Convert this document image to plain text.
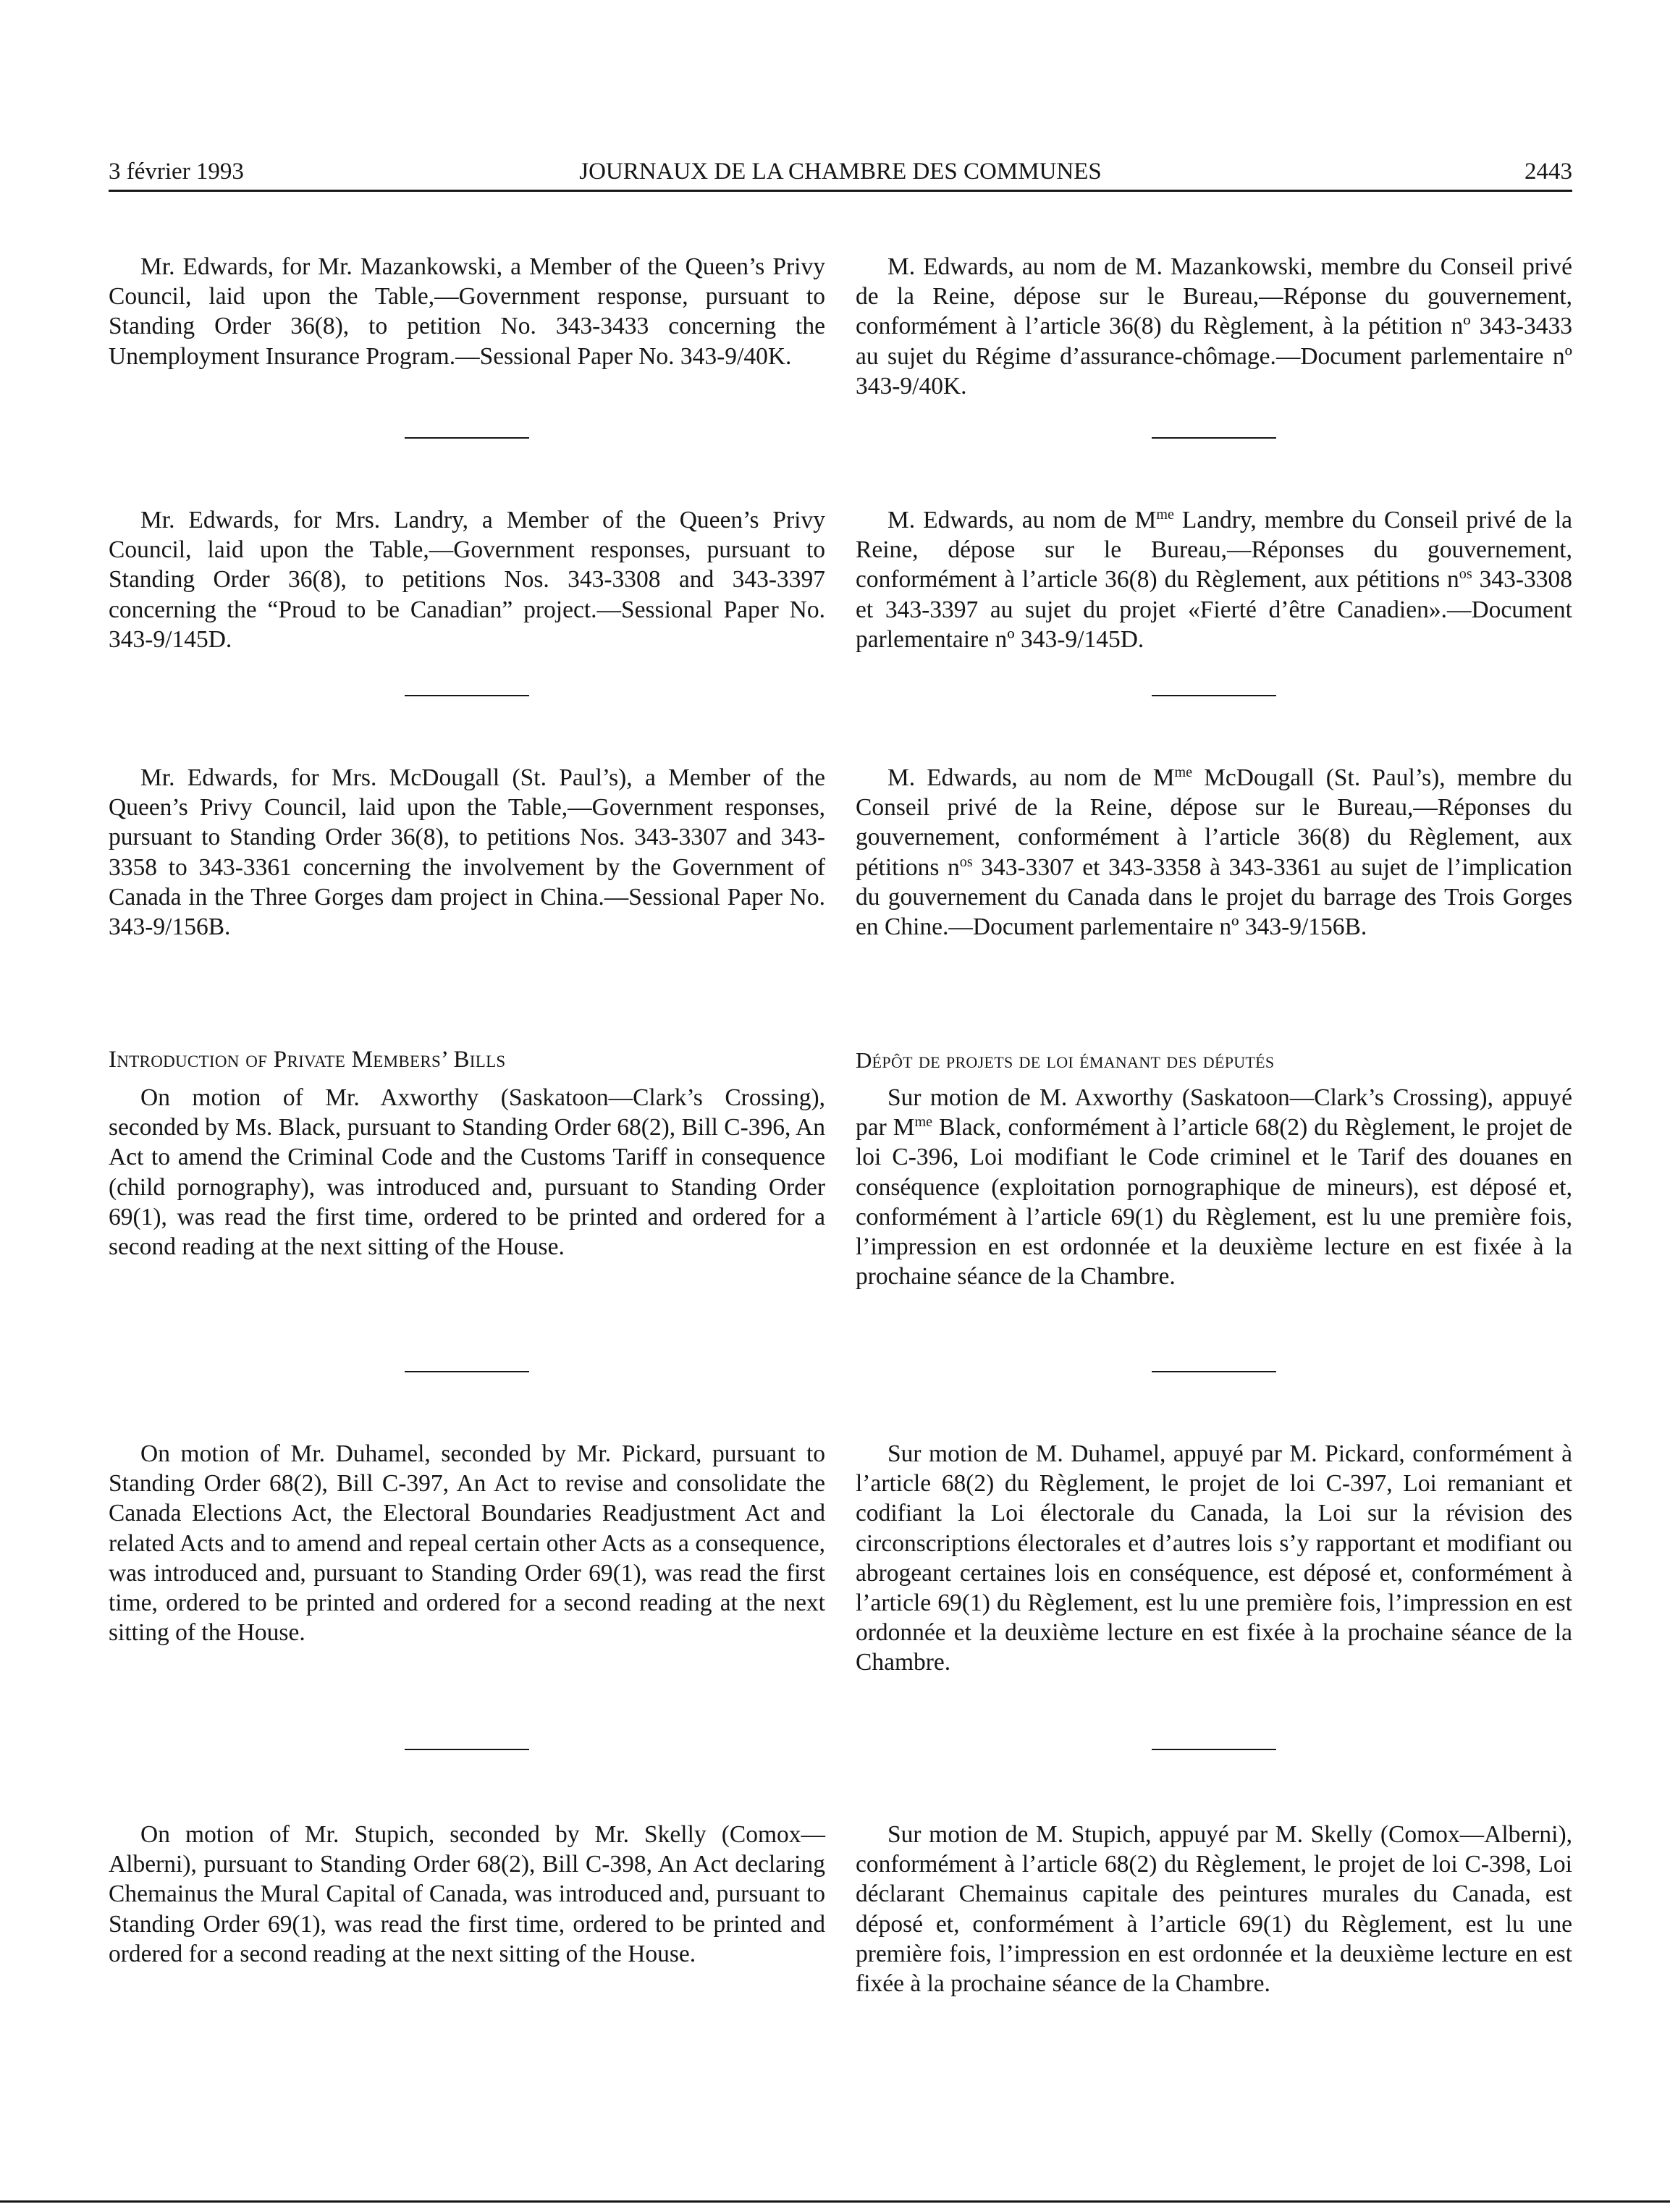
3 février 1993	JOURNAUX DE LA CHAMBRE DES COMMUNES	2443

Mr. Edwards, for Mr. Mazankowski, a Member of the Queen’s Privy Council, laid upon the Table,—Government response, pursuant to Standing Order 36(8), to petition No. 343-3433 concerning the Unemployment Insurance Program.—Sessional Paper No. 343-9/40K.

Mr. Edwards, for Mrs. Landry, a Member of the Queen’s Privy Council, laid upon the Table,—Government responses, pursuant to Standing Order 36(8), to petitions Nos. 343-3308 and 343-3397 concerning the “Proud to be Canadian” project.—Sessional Paper No. 343-9/145D.

Mr. Edwards, for Mrs. McDougall (St. Paul’s), a Member of the Queen’s Privy Council, laid upon the Table,—Government responses, pursuant to Standing Order 36(8), to petitions Nos. 343-3307 and 343-3358 to 343-3361 concerning the involvement by the Government of Canada in the Three Gorges dam project in China.—Sessional Paper No. 343-9/156B.

Introduction of Private Members’ Bills

On motion of Mr. Axworthy (Saskatoon—Clark’s Crossing), seconded by Ms. Black, pursuant to Standing Order 68(2), Bill C-396, An Act to amend the Criminal Code and the Customs Tariff in consequence (child pornography), was introduced and, pursuant to Standing Order 69(1), was read the first time, ordered to be printed and ordered for a second reading at the next sitting of the House.

On motion of Mr. Duhamel, seconded by Mr. Pickard, pursuant to Standing Order 68(2), Bill C-397, An Act to revise and consolidate the Canada Elections Act, the Electoral Boundaries Readjustment Act and related Acts and to amend and repeal certain other Acts as a consequence, was introduced and, pursuant to Standing Order 69(1), was read the first time, ordered to be printed and ordered for a second reading at the next sitting of the House.

On motion of Mr. Stupich, seconded by Mr. Skelly (Comox—Alberni), pursuant to Standing Order 68(2), Bill C-398, An Act declaring Chemainus the Mural Capital of Canada, was introduced and, pursuant to Standing Order 69(1), was read the first time, ordered to be printed and ordered for a second reading at the next sitting of the House.

M. Edwards, au nom de M. Mazankowski, membre du Conseil privé de la Reine, dépose sur le Bureau,—Réponse du gouvernement, conformément à l’article 36(8) du Règlement, à la pétition nº 343-3433 au sujet du Régime d’assurance-chômage.—Document parlementaire nº 343-9/40K.

M. Edwards, au nom de $M^{me}$ Landry, membre du Conseil privé de la Reine, dépose sur le Bureau,—Réponses du gouvernement, conformément à l’article 36(8) du Règlement, aux pétitions $n^{os}$ 343-3308 et 343-3397 au sujet du projet «Fierté d’être Canadien».—Document parlementaire nº 343-9/145D.

M. Edwards, au nom de $M^{me}$ McDougall (St. Paul’s), membre du Conseil privé de la Reine, dépose sur le Bureau,—Réponses du gouvernement, conformément à l’article 36(8) du Règlement, aux pétitions $n^{os}$ 343-3307 et 343-3358 à 343-3361 au sujet de l’implication du gouvernement du Canada dans le projet du barrage des Trois Gorges en Chine.—Document parlementaire nº 343-9/156B.

Dépôt de projets de loi émanant des députés

Sur motion de M. Axworthy (Saskatoon—Clark’s Crossing), appuyé par $M^{me}$ Black, conformément à l’article 68(2) du Règlement, le projet de loi C-396, Loi modifiant le Code criminel et le Tarif des douanes en conséquence (exploitation pornographique de mineurs), est déposé et, conformément à l’article 69(1) du Règlement, est lu une première fois, l’impression en est ordonnée et la deuxième lecture en est fixée à la prochaine séance de la Chambre.

Sur motion de M. Duhamel, appuyé par M. Pickard, conformément à l’article 68(2) du Règlement, le projet de loi C-397, Loi remaniant et codifiant la Loi électorale du Canada, la Loi sur la révision des circonscriptions électorales et d’autres lois s’y rapportant et modifiant ou abrogeant certaines lois en conséquence, est déposé et, conformément à l’article 69(1) du Règlement, est lu une première fois, l’impression en est ordonnée et la deuxième lecture en est fixée à la prochaine séance de la Chambre.

Sur motion de M. Stupich, appuyé par M. Skelly (Comox—Alberni), conformément à l’article 68(2) du Règlement, le projet de loi C-398, Loi déclarant Chemainus capitale des peintures murales du Canada, est déposé et, conformément à l’article 69(1) du Règlement, est lu une première fois, l’impression en est ordonnée et la deuxième lecture en est fixée à la prochaine séance de la Chambre.
